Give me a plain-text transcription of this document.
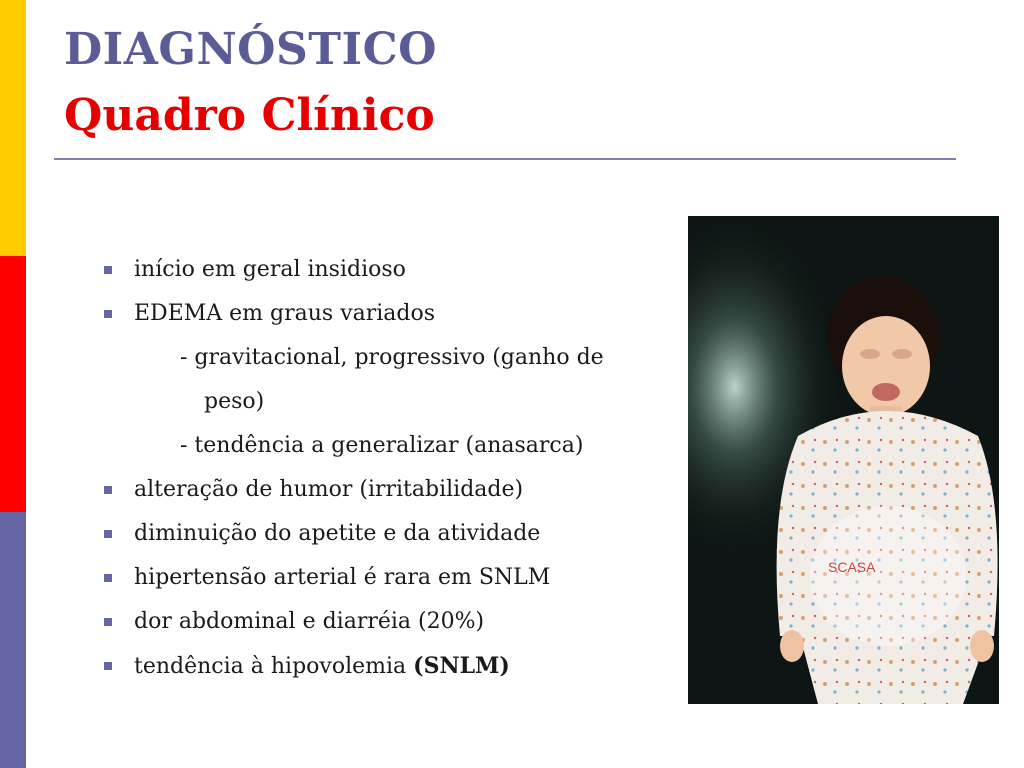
DIAGNÓSTICO
Quadro Clínico
SCASA
início em geral insidioso
EDEMA em graus variados
- gravitacional, progressivo (ganho de
peso)
- tendência a generalizar (anasarca)
alteração de humor (irritabilidade)
diminuição do apetite e da atividade
hipertensão arterial é rara em SNLM
dor abdominal e diarréia (20%)
tendência à hipovolemia (SNLM)
